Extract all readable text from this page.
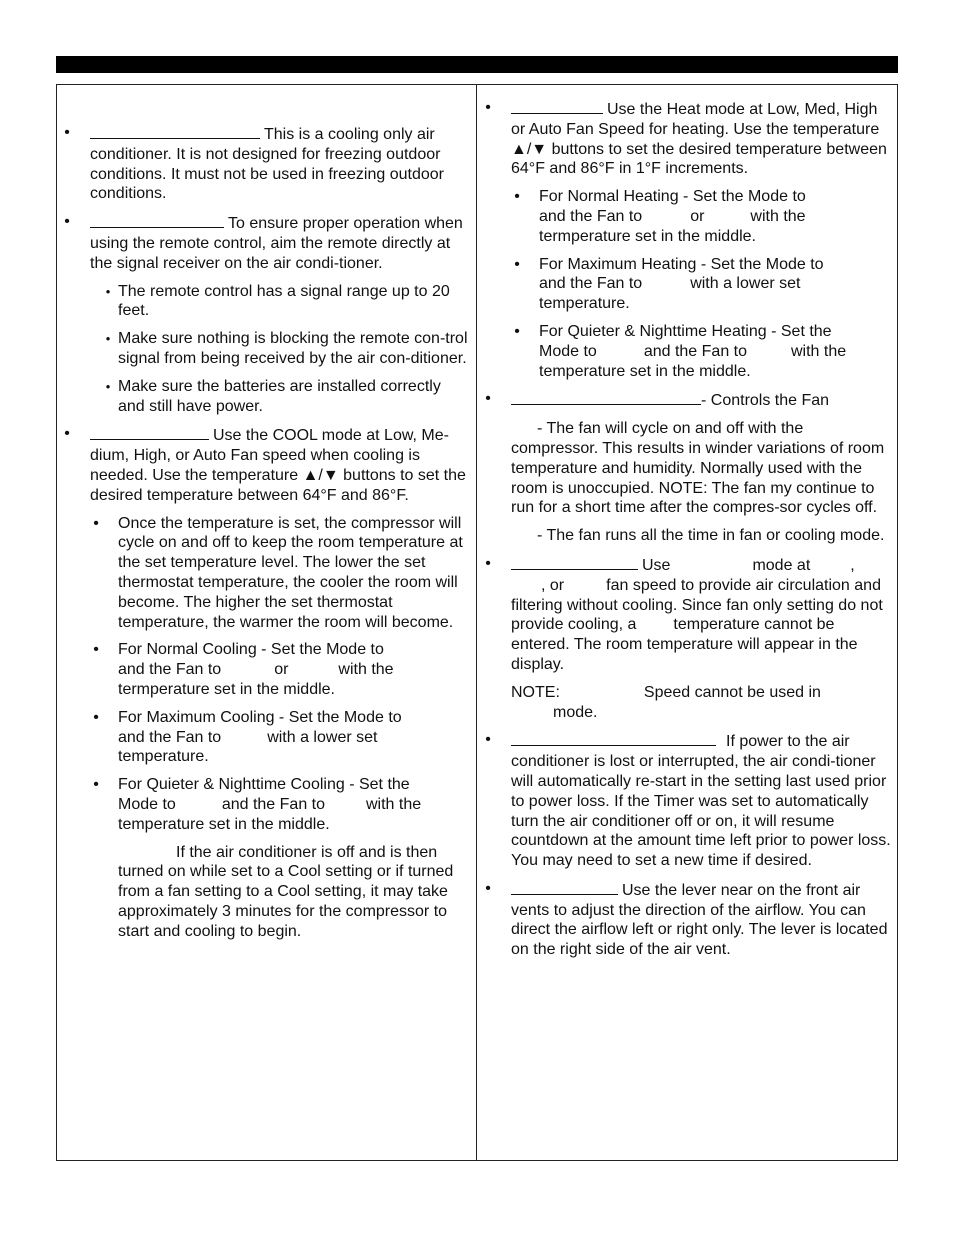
•	This is a cooling only air conditioner. It is not designed for freezing outdoor conditions. It must not be used in freezing outdoor conditions.

•	To ensure proper operation when using the remote control, aim the remote directly at the signal receiver on the air condi-tioner.

• The remote control has a signal range up to 20 feet.

• Make sure nothing is blocking the remote con-trol signal from being received by the air con-ditioner.

• Make sure the batteries are installed correctly and still have power.

•	Use the COOL mode at Low, Me-dium, High, or Auto Fan speed when cooling is needed. Use the temperature ▲/▼ buttons to set the desired temperature between 64°F and 86°F.

• Once the temperature is set, the compressor will cycle on and off to keep the room temperature at the set temperature level. The lower the set thermostat temperature, the cooler the room will become. The higher the set thermostat temperature, the warmer the room will become.

• For Normal Cooling - Set the Mode to
and the Fan to	or	with the
termperature set in the middle.

• For Maximum Cooling - Set the Mode to
and the Fan to	with a lower set temperature.

• For Quieter & Nighttime Cooling - Set the
Mode to	and the Fan to	with the
temperature set in the middle.

If the air conditioner is off and is then turned on while set to a Cool setting or if turned from a fan setting to a Cool setting, it may take approximately 3 minutes for the compressor to start and cooling to begin.

•	Use the Heat mode at Low, Med, High or Auto Fan Speed for heating. Use the temperature ▲/▼ buttons to set the desired temperature between 64°F and 86°F in 1°F increments.

• For Normal Heating - Set the Mode to
and the Fan to	or	with the
termperature set in the middle.

• For Maximum Heating - Set the Mode to
and the Fan to	with a lower set temperature.

• For Quieter & Nighttime Heating - Set the
Mode to	and the Fan to	with the
temperature set in the middle.

•	- Controls the Fan

- The fan will cycle on and off with the compressor. This results in winder variations of room temperature and humidity. Normally used with the room is unoccupied. NOTE: The fan my continue to run for a short time after the compres-sor cycles off.

- The fan runs all the time in fan or cooling mode.

•	Use	mode at	,
, or	fan speed to provide air circulation and filtering without cooling. Since fan only setting do not provide cooling, a temperature cannot be entered. The room temperature will appear in the display.

NOTE:	Speed cannot be used in
mode.

•	If power to the air conditioner is lost or interrupted, the air condi-tioner will automatically re-start in the setting last used prior to power loss. If the Timer was set to automatically turn the air conditioner off or on, it will resume countdown at the amount time left prior to power loss. You may need to set a new time if desired.

•	Use the lever near on the front air vents to adjust the direction of the airflow. You can direct the airflow left or right only. The lever is located on the right side of the air vent.
